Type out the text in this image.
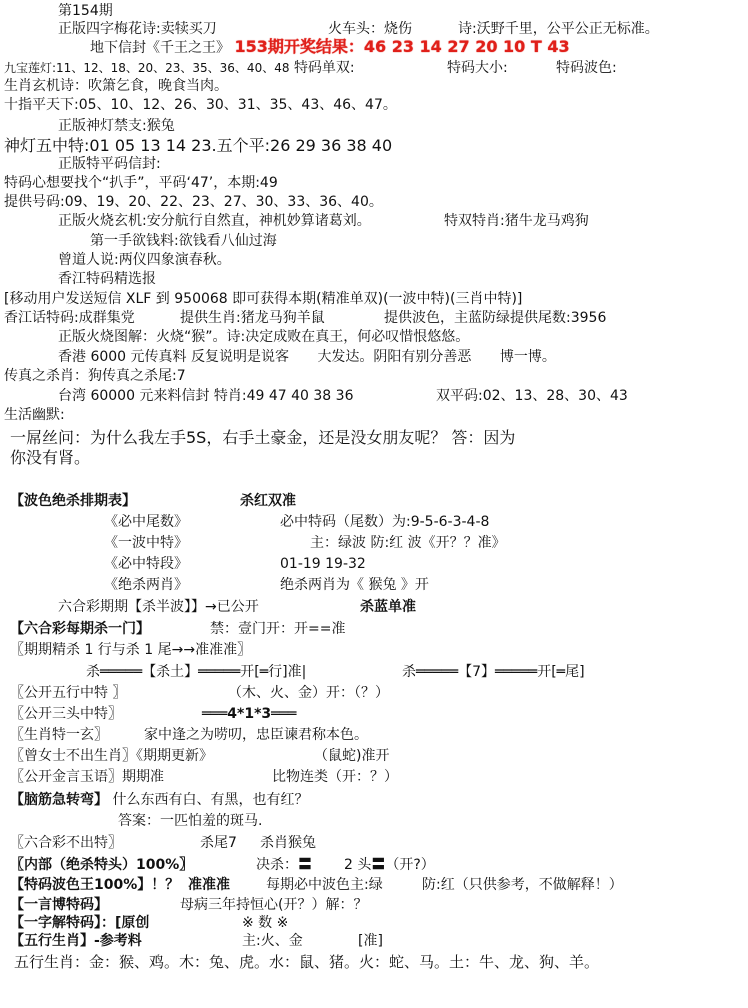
第154期
正版四字梅花诗:卖犊买刀	火车头：烧伤	诗:沃野千里，公平公正无标准。
地下信封《千王之王》 153期开奖结果：46 23 14 27 20 10 T 43
九宝莲灯:11、12、18、20、23、35、36、40、48 特码单双:	特码大小:	特码波色:
生肖玄机诗：吹箫乞食，晚食当肉。
十指平天下:05、10、12、26、30、31、35、43、46、47。
正版神灯禁支:猴兔
神灯五中特:01 05 13 14 23.五个平:26 29 36 38 40
正版特平码信封:
特码心想要找个“扒手”，平码‘47’，本期:49
提供号码:09、19、20、22、23、27、30、33、36、40。
正版火烧玄机:安分航行自然直，神机妙算诸葛刘。	特双特肖:猪牛龙马鸡狗
第一手欲钱料:欲钱看八仙过海
曾道人说:两仪四象演春秋。
香江特码精选报
[移动用户发送短信 XLF 到 950068 即可获得本期(精准单双)(一波中特)(三肖中特)]
香江话特码:成群集党	提供生肖:猪龙马狗羊鼠	提供波色，主蓝防绿提供尾数:3956
正版火烧图解：火烧“猴”。诗:决定成败在真王，何必叹惜恨悠悠。
香港 6000 元传真料 反复说明是说客 大发达。阴阳有别分善恶 博一博。
传真之杀肖：狗传真之杀尾:7
台湾 60000 元来料信封 特肖:49 47 40 38 36	双平码:02、13、28、30、43
生活幽默:
一屌丝问：为什么我左手5S，右手土豪金，还是没女朋友呢？ 答：因为
你没有肾。
【波色绝杀排期表】	杀红双准
《必中尾数》	必中特码（尾数）为:9-5-6-3-4-8
《一波中特》	主：绿波 防:红 波《开？？准》
《必中特段》	01-19 19-32
《绝杀两肖》	绝杀两肖为《 猴兔 》开
六合彩期期【杀半波】】→已公开	杀蓝单准
【六合彩每期杀一门】	禁：壹门开：开==准
〖期期精杀 1 行与杀 1 尾→→准准准〗
杀═════【杀土】═════开[═行]准|	杀═════【7】═════开[═尾]
〖公开五行中特 〗	（木、火、金）开：（？）
〖公开三头中特〗	═══4*1*3═══
〖生肖特一玄〗	家中逢之为唠叨，忠臣谏君称本色。
〖曾女士不出生肖〗《期期更新》	（鼠蛇)准开
〖公开金言玉语〗期期准	比物连类（开：？）
【脑筋急转弯】 什么东西有白、有黑，也有红？
答案：一匹怕羞的斑马.
〖六合彩不出特〗	杀尾7 杀肖猴兔
〖内部（绝杀特头）100%〗	决杀：〓 2 头〓（开?）
【特码波色王100%】！？ 准准准	每期必中波色主:绿	防:红（只供参考，不做解释！）
【一言博特码】	母病三年持恒心(开？）解：？
【一字解特码】：[原创	※ 数 ※
【五行生肖】-参考料	主:火、金	[准]
五行生肖：金：猴、鸡。木：兔、虎。水：鼠、猪。火：蛇、马。土：牛、龙、狗、羊。
